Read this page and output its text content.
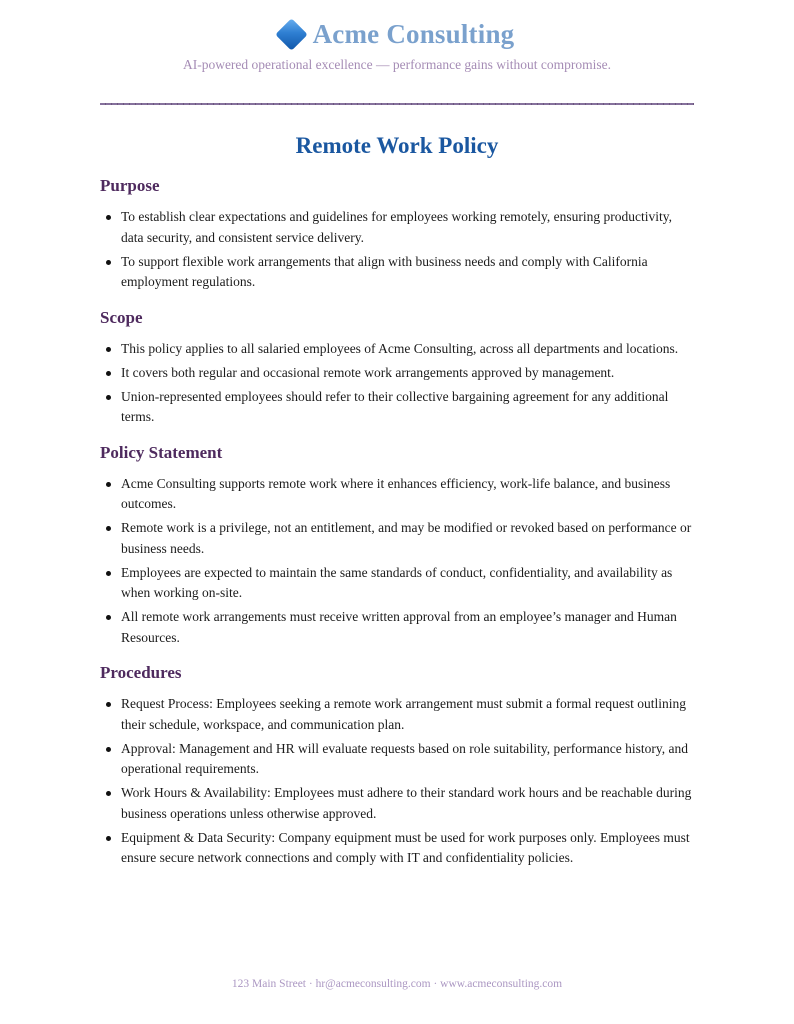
Acme Consulting
AI-powered operational excellence — performance gains without compromise.
Remote Work Policy
Purpose
To establish clear expectations and guidelines for employees working remotely, ensuring productivity, data security, and consistent service delivery.
To support flexible work arrangements that align with business needs and comply with California employment regulations.
Scope
This policy applies to all salaried employees of Acme Consulting, across all departments and locations.
It covers both regular and occasional remote work arrangements approved by management.
Union-represented employees should refer to their collective bargaining agreement for any additional terms.
Policy Statement
Acme Consulting supports remote work where it enhances efficiency, work-life balance, and business outcomes.
Remote work is a privilege, not an entitlement, and may be modified or revoked based on performance or business needs.
Employees are expected to maintain the same standards of conduct, confidentiality, and availability as when working on-site.
All remote work arrangements must receive written approval from an employee’s manager and Human Resources.
Procedures
Request Process: Employees seeking a remote work arrangement must submit a formal request outlining their schedule, workspace, and communication plan.
Approval: Management and HR will evaluate requests based on role suitability, performance history, and operational requirements.
Work Hours & Availability: Employees must adhere to their standard work hours and be reachable during business operations unless otherwise approved.
Equipment & Data Security: Company equipment must be used for work purposes only. Employees must ensure secure network connections and comply with IT and confidentiality policies.
123 Main Street · hr@acmeconsulting.com · www.acmeconsulting.com
